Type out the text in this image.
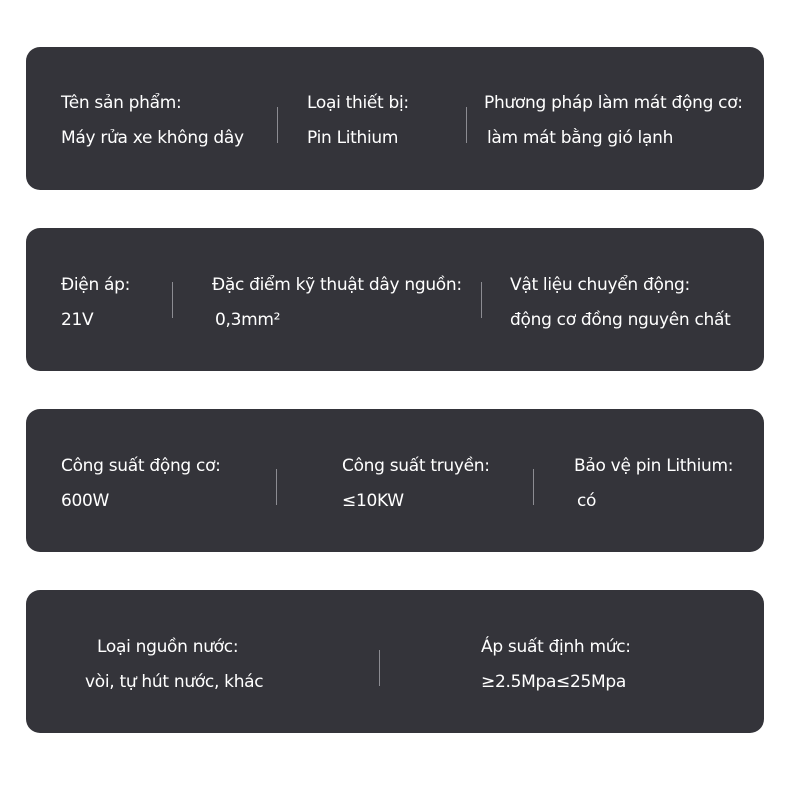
Tên sản phẩm:
Máy rửa xe không dây
Loại thiết bị:
Pin Lithium
Phương pháp làm mát động cơ:
làm mát bằng gió lạnh
Điện áp:
21V
Đặc điểm kỹ thuật dây nguồn:
0,3mm²
Vật liệu chuyển động:
động cơ đồng nguyên chất
Công suất động cơ:
600W
Công suất truyền:
≤10KW
Bảo vệ pin Lithium:
có
Loại nguồn nước:
vòi, tự hút nước, khác
Áp suất định mức:
≥2.5Mpa≤25Mpa
